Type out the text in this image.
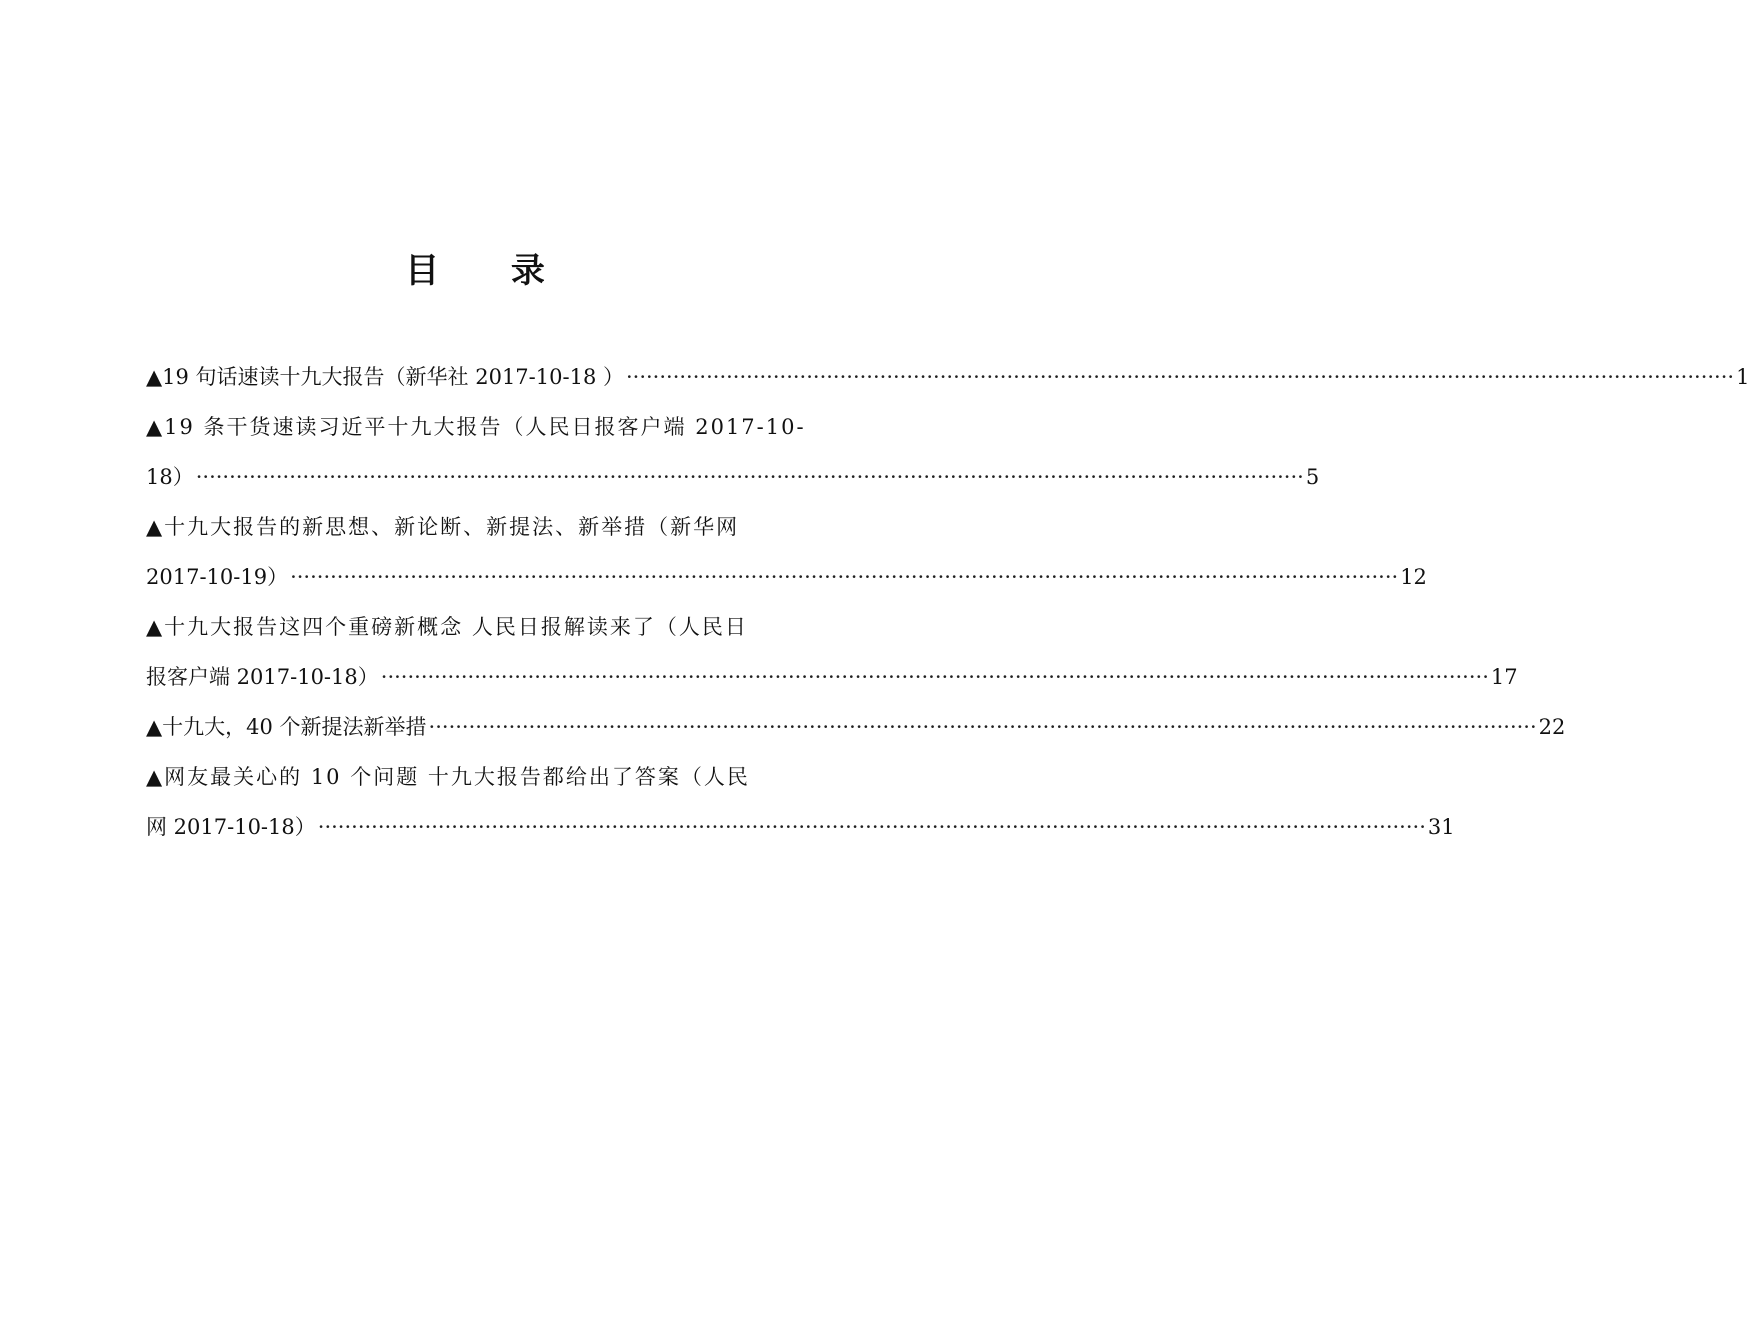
目 录
▲19 句话速读十九大报告（新华社 2017-10-18 ） ·····	1
▲19 条干货速读习近平十九大报告（人民日报客户端 2017-10-
18） ·····	5
▲十九大报告的新思想、新论断、新提法、新举措（新华网
2017-10-19） ·····	12
▲十九大报告这四个重磅新概念 人民日报解读来了（人民日
报客户端 2017-10-18） ·····	17
▲十九大，40 个新提法新举措 ·····	22
▲网友最关心的 10 个问题 十九大报告都给出了答案（人民
网 2017-10-18） ·····	31
